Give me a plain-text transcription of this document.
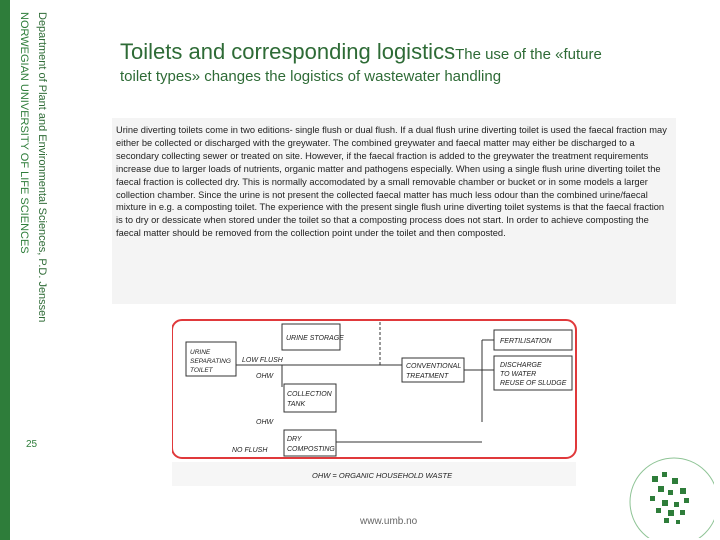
Department of Plant and Environmental Sciences, P.D. Jenssen
NORWEGIAN UNIVERSITY OF LIFE SCIENCES
25
Toilets and corresponding logisticsThe use of the «future
toilet types» changes the logistics of wastewater handling

Urine diverting toilets come in two editions- single flush or dual flush. If a dual flush urine diverting toilet is used the faecal fraction may either be collected or discharged with the greywater. The combined greywater and faecal matter may either be discharged to a secondary collecting sewer or treated on site. However, if the faecal fraction is added to the greywater the treatment requirements increase due to larger loads of nutrients, organic matter and pathogens especially. When using a single flush urine diverting toilet the faecal fraction is collected dry. This is normally accomodated by a small removable chamber or bucket or in some models a larger collection chamber. Since the urine is not present the collected faecal matter has much less odour than the combined urine/faecal mixture in e.g. a composting toilet. The experience with the present single flush urine diverting toilet systems is that the faecal fraction is to dry or dessicate when stored under the toilet so that a composting process does not start. In order to achieve composting the faecal matter should be removed from the collection point under the toilet and then composted.

URINE STORAGE
URINE
SEPARATING
TOILET
LOW FLUSH
OHW
COLLECTION
TANK
OHW
DRY
COMPOSTING
NO FLUSH
CONVENTIONAL
TREATMENT
FERTILISATION
DISCHARGE
TO WATER
REUSE OF SLUDGE
OHW = ORGANIC HOUSEHOLD WASTE
www.umb.no
